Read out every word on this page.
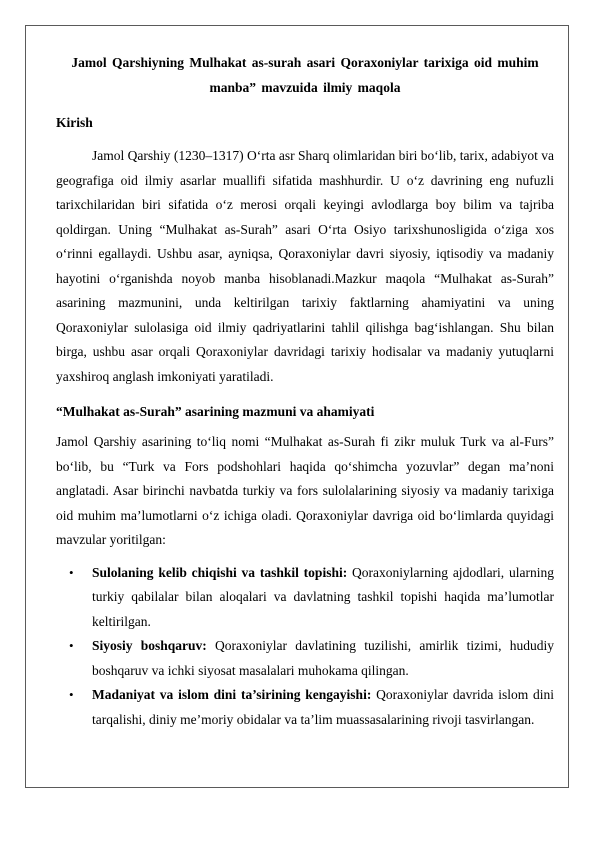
Jamol Qarshiyning Mulhakat as-surah asari Qoraxoniylar tarixiga oid muhim manba” mavzuida ilmiy maqola
Kirish

Jamol Qarshiy (1230–1317) O‘rta asr Sharq olimlaridan biri bo‘lib, tarix, adabiyot va geografiga oid ilmiy asarlar muallifi sifatida mashhurdir. U o‘z davrining eng nufuzli tarixchilaridan biri sifatida o‘z merosi orqali keyingi avlodlarga boy bilim va tajriba qoldirgan. Uning “Mulhakat as-Surah” asari O‘rta Osiyo tarixshunosligida o‘ziga xos o‘rinni egallaydi. Ushbu asar, ayniqsa, Qoraxoniylar davri siyosiy, iqtisodiy va madaniy hayotini o‘rganishda noyob manba hisoblanadi.Mazkur maqola “Mulhakat as-Surah” asarining mazmunini, unda keltirilgan tarixiy faktlarning ahamiyatini va uning Qoraxoniylar sulolasiga oid ilmiy qadriyatlarini tahlil qilishga bag‘ishlangan. Shu bilan birga, ushbu asar orqali Qoraxoniylar davridagi tarixiy hodisalar va madaniy yutuqlarni yaxshiroq anglash imkoniyati yaratiladi.

“Mulhakat as-Surah” asarining mazmuni va ahamiyati

Jamol Qarshiy asarining to‘liq nomi “Mulhakat as-Surah fi zikr muluk Turk va al-Furs” bo‘lib, bu “Turk va Fors podshohlari haqida qo‘shimcha yozuvlar” degan ma’noni anglatadi. Asar birinchi navbatda turkiy va fors sulolalarining siyosiy va madaniy tarixiga oid muhim ma’lumotlarni o‘z ichiga oladi. Qoraxoniylar davriga oid bo‘limlarda quyidagi mavzular yoritilgan:

• Sulolaning kelib chiqishi va tashkil topishi: Qoraxoniylarning ajdodlari, ularning turkiy qabilalar bilan aloqalari va davlatning tashkil topishi haqida ma’lumotlar keltirilgan.
• Siyosiy boshqaruv: Qoraxoniylar davlatining tuzilishi, amirlik tizimi, hududiy boshqaruv va ichki siyosat masalalari muhokama qilingan.
• Madaniyat va islom dini ta’sirining kengayishi: Qoraxoniylar davrida islom dini tarqalishi, diniy me’moriy obidalar va ta’lim muassasalarining rivoji tasvirlangan.
